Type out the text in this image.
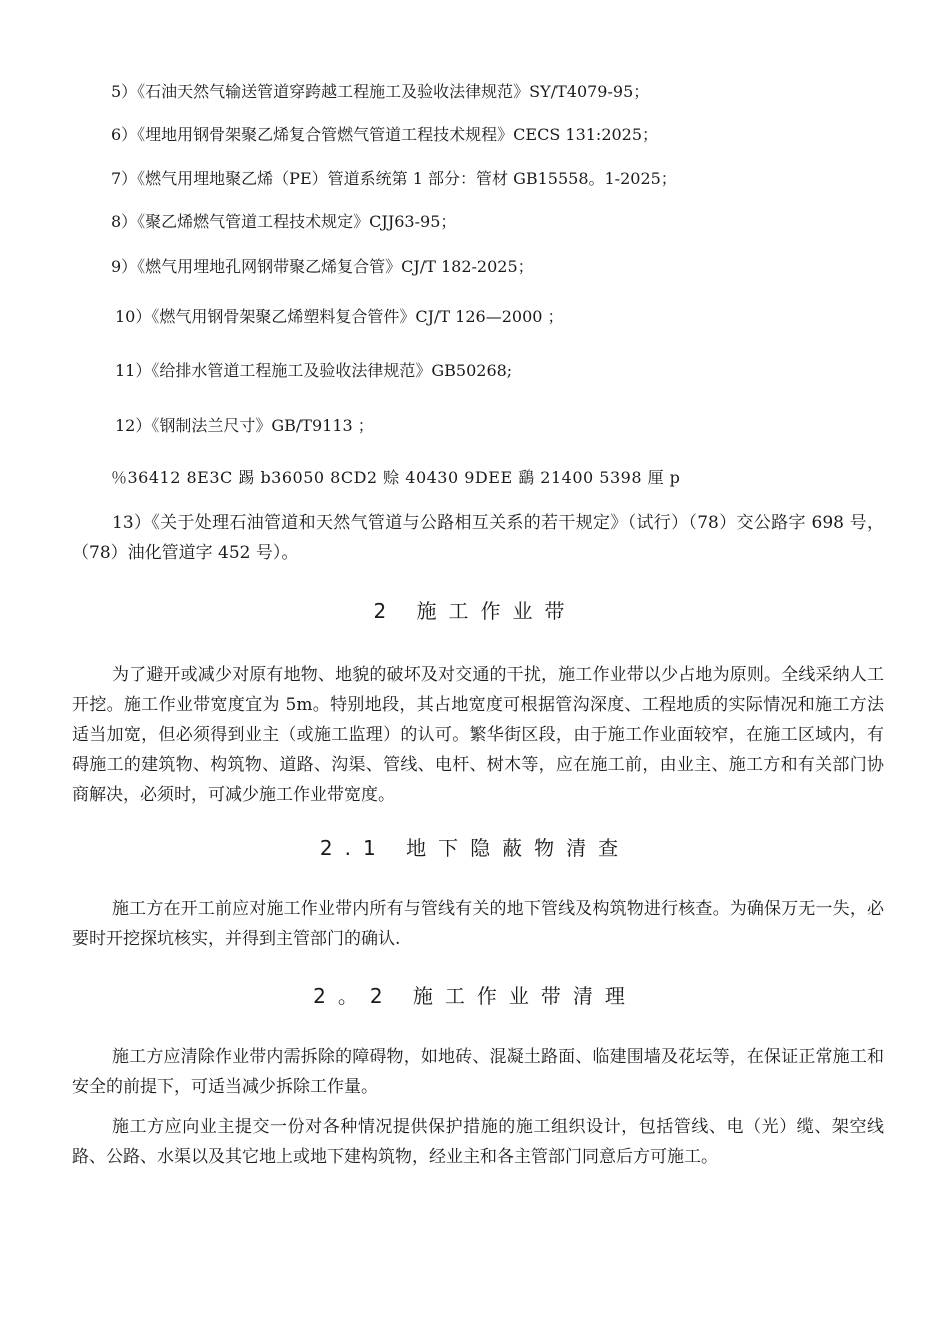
5）《石油天然气输送管道穿跨越工程施工及验收法律规范》SY/T4079-95；
6）《埋地用钢骨架聚乙烯复合管燃气管道工程技术规程》CECS 131:2025；
7）《燃气用埋地聚乙烯（PE）管道系统第 1 部分：管材 GB15558。1-2025；
8）《聚乙烯燃气管道工程技术规定》CJJ63-95；
9）《燃气用埋地孔网钢带聚乙烯复合管》CJ/T 182-2025；
10）《燃气用钢骨架聚乙烯塑料复合管件》CJ/T 126—2000 ；
11）《给排水管道工程施工及验收法律规范》GB50268;
12）《钢制法兰尺寸》GB/T9113 ；
％36412 8E3C 踢 b36050 8CD2 赊 40430 9DEE 鷂 21400 5398 厘 p
13）《关于处理石油管道和天然气管道与公路相互关系的若干规定》（试行）（78）交公路字 698 号，（78）油化管道字 452 号）。
2 施工作业带
为了避开或减少对原有地物、地貌的破坏及对交通的干扰，施工作业带以少占地为原则。全线采纳人工开挖。施工作业带宽度宜为 5m。特别地段，其占地宽度可根据管沟深度、工程地质的实际情况和施工方法适当加宽，但必须得到业主（或施工监理）的认可。繁华街区段，由于施工作业面较窄，在施工区域内，有碍施工的建筑物、构筑物、道路、沟渠、管线、电杆、树木等，应在施工前，由业主、施工方和有关部门协商解决，必须时，可减少施工作业带宽度。
2.1 地下隐蔽物清查
施工方在开工前应对施工作业带内所有与管线有关的地下管线及构筑物进行核查。为确保万无一失，必要时开挖探坑核实，并得到主管部门的确认.
2。2 施工作业带清理
施工方应清除作业带内需拆除的障碍物，如地砖、混凝土路面、临建围墙及花坛等，在保证正常施工和安全的前提下，可适当减少拆除工作量。
施工方应向业主提交一份对各种情况提供保护措施的施工组织设计，包括管线、电（光）缆、架空线路、公路、水渠以及其它地上或地下建构筑物，经业主和各主管部门同意后方可施工。
